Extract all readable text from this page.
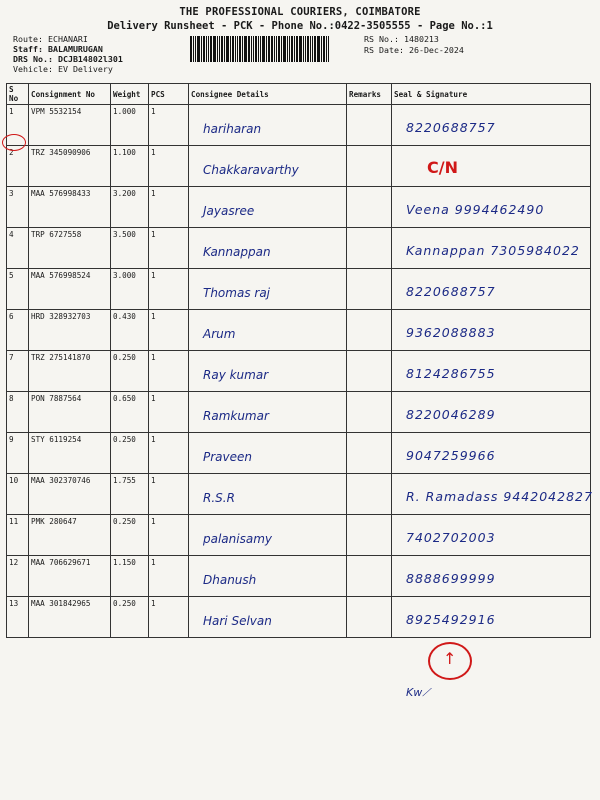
THE PROFESSIONAL COURIERS, COIMBATORE
Delivery Runsheet - PCK - Phone No.:0422-3505555 - Page No.:1
Route: ECHANARI
Staff: BALAMURUGAN
DRS No.: DCJB14802l301
Vehicle: EV Delivery
RS No.: 1480213
RS Date: 26-Dec-2024
S No	Consignment No	Weight	PCS	Consignee Details	Remarks	Seal & Signature
1	VPM 5532154	1.000	1	hariharan		8220688757

2	TRZ 345090906	1.100	1	Chakkaravarthy		C/N

3	MAA 576998433	3.200	1	Jayasree		Veena 9994462490

4	TRP 6727558	3.500	1	Kannappan		Kannappan 7305984022

5	MAA 576998524	3.000	1	Thomas raj		8220688757

6	HRD 328932703	0.430	1	Arum		9362088883

7	TRZ 275141870	0.250	1	Ray kumar		8124286755

8	PON 7887564	0.650	1	Ramkumar		8220046289

9	STY 6119254	0.250	1	Praveen		9047259966

10	MAA 302370746	1.755	1	R.S.R		R. Ramadass 9442042827

11	PMK 280647	0.250	1	palanisamy		7402702003

12	MAA 706629671	1.150	1	Dhanush		8888699999

13	MAA 301842965	0.250	1	Hari Selvan		8925492916
↑
Kw⟋
